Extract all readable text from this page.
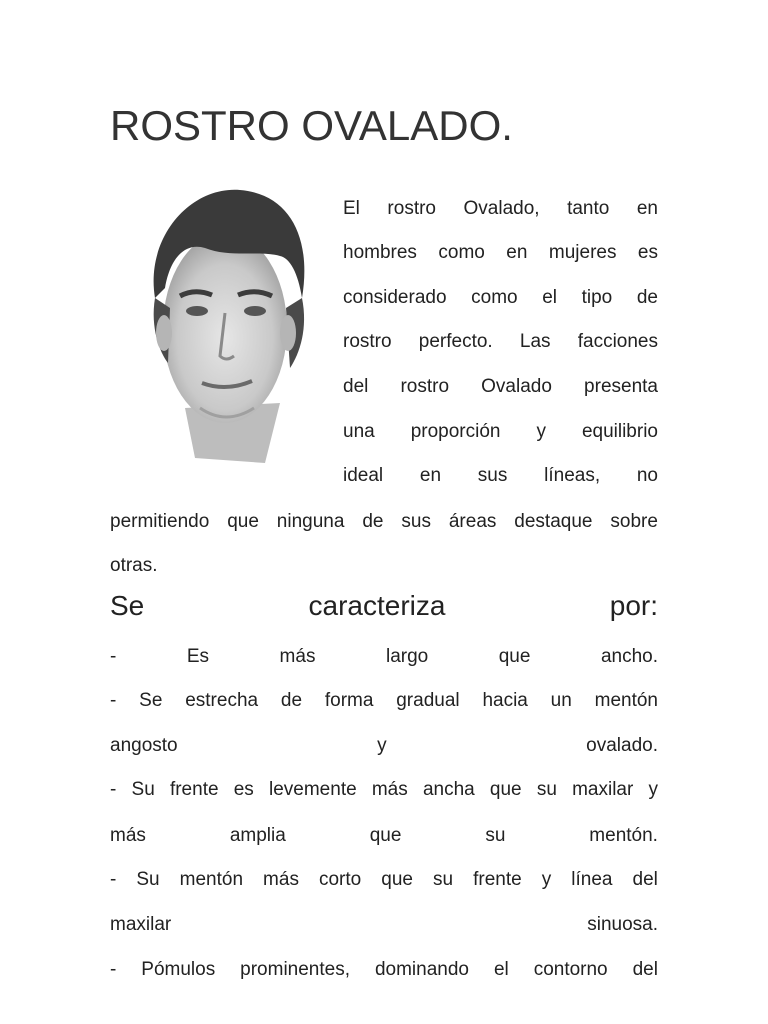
ROSTRO OVALADO.
El rostro Ovalado, tanto en
hombres como en mujeres es
considerado como el tipo de
rostro perfecto. Las facciones
del rostro Ovalado presenta
una proporción y equilibrio
ideal en sus líneas, no
permitiendo que ninguna de sus áreas destaque sobre
otras.
Se	caracteriza	por:
-	Es	más	largo	que	ancho.
- Se estrecha de forma gradual hacia un mentón
angosto	y	ovalado.
- Su frente es levemente más ancha que su maxilar y
más	amplia	que	su	mentón.
- Su mentón más corto que su frente y línea del
maxilar	sinuosa.
- Pómulos prominentes, dominando el contorno del
